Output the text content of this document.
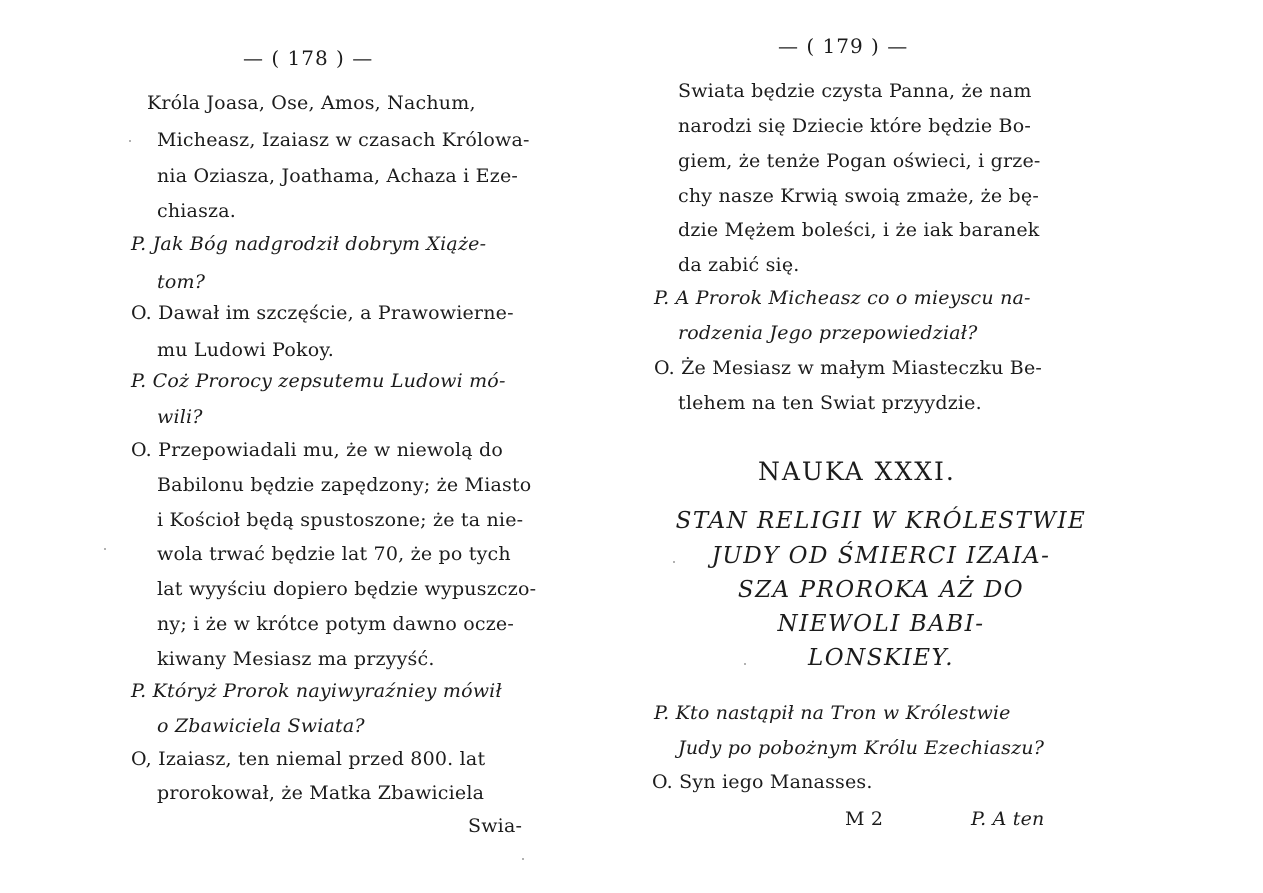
— ( 178 ) —
Króla Joasa, Ose, Amos, Nachum,
Micheasz, Izaiasz w czasach Królowa-
nia Oziasza, Joathama, Achaza i Eze-
chiasza.
P. Jak Bóg nadgrodził dobrym Xiąże-
tom?
O. Dawał im szczęście, a Prawowierne-
mu Ludowi Pokoy.
P. Coż Prorocy zepsutemu Ludowi mó-
wili?
O. Przepowiadali mu, że w niewolą do
Babilonu będzie zapędzony; że Miasto
i Kościoł będą spustoszone; że ta nie-
wola trwać będzie lat 70, że po tych
lat wyyściu dopiero będzie wypuszczo-
ny; i że w krótce potym dawno ocze-
kiwany Mesiasz ma przyyść.
P. Któryż Prorok nayiwyraźniey mówił
o Zbawiciela Swiata?
O, Izaiasz, ten niemal przed 800. lat
prorokował, że Matka Zbawiciela
Swia-
— ( 179 ) —
Swiata będzie czysta Panna, że nam
narodzi się Dziecie które będzie Bo-
giem, że tenże Pogan oświeci, i grze-
chy nasze Krwią swoią zmaże, że bę-
dzie Mężem boleści, i że iak baranek
da zabić się.
P. A Prorok Micheasz co o mieyscu na-
rodzenia Jego przepowiedział?
O. Że Mesiasz w małym Miasteczku Be-
tlehem na ten Swiat przyydzie.
NAUKA XXXI.
STAN RELIGII W KRÓLESTWIE
JUDY OD ŚMIERCI IZAIA-
SZA PROROKA AŻ DO
NIEWOLI BABI-
LONSKIEY.
P. Kto nastąpił na Tron w Królestwie
Judy po pobożnym Królu Ezechiaszu?
O. Syn iego Manasses.
M 2	P. A ten
